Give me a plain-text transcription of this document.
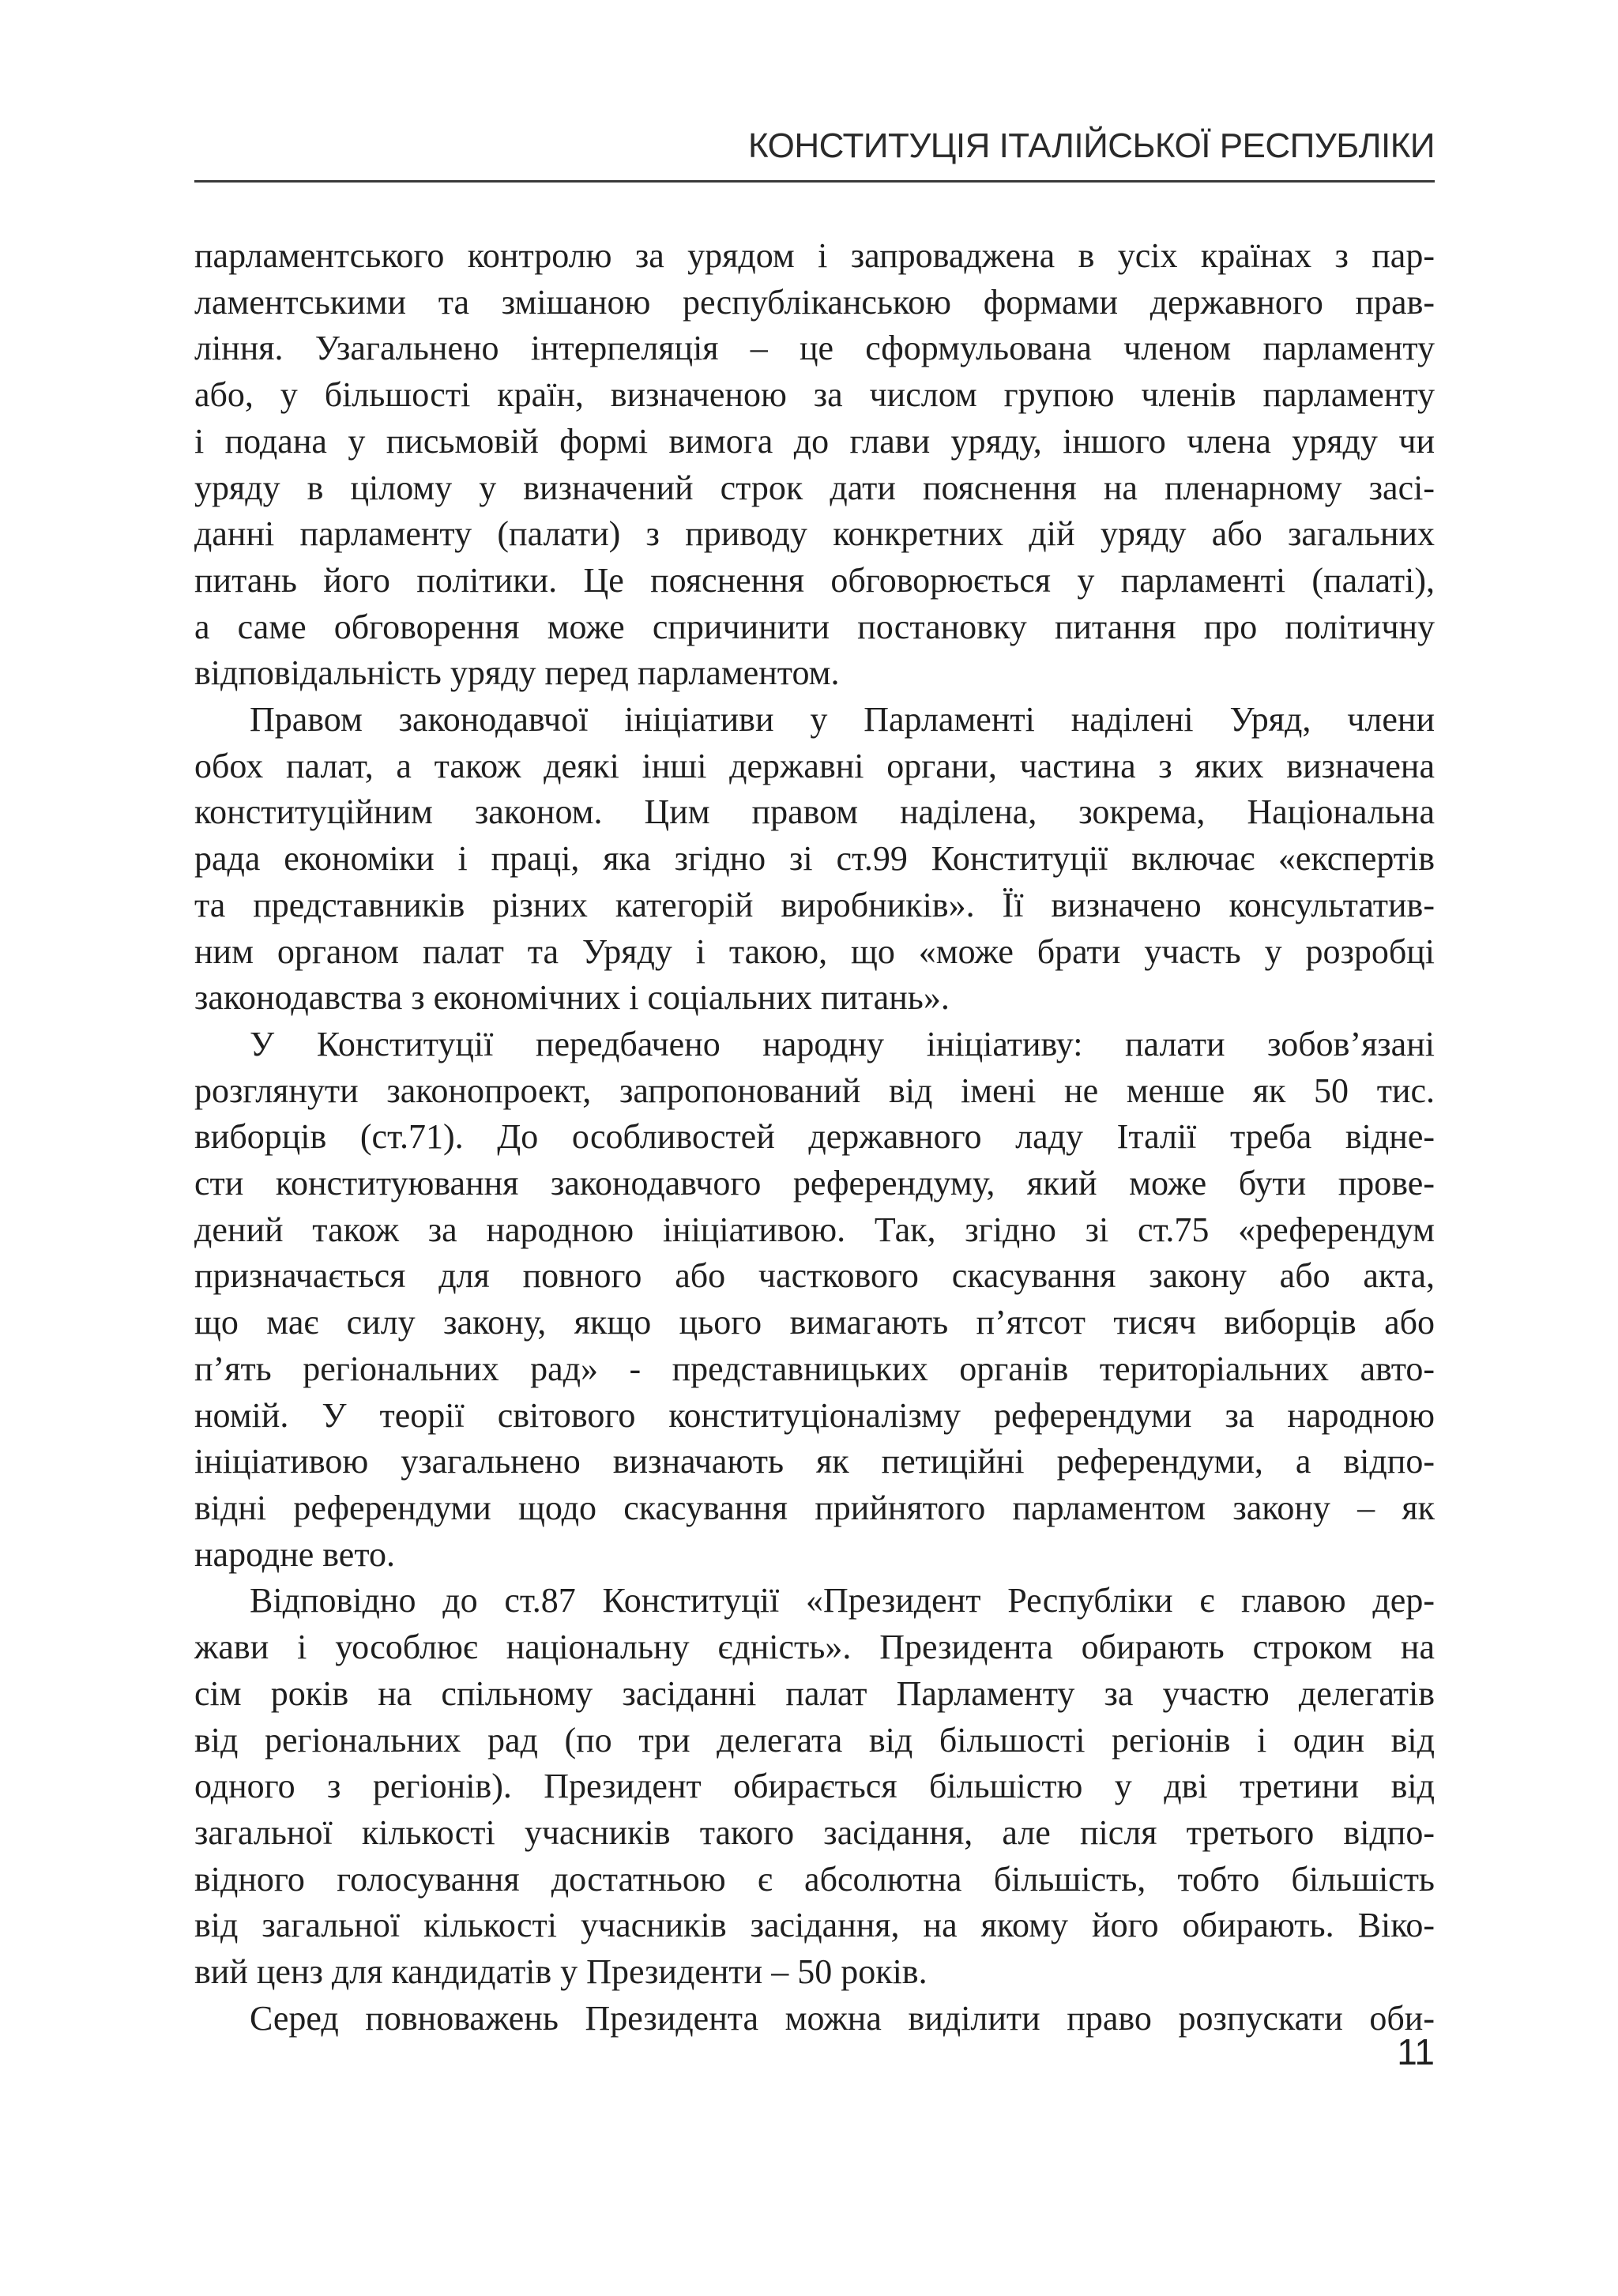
КОНСТИТУЦІЯ ІТАЛІЙСЬКОЇ РЕСПУБЛІКИ

парламентського контролю за урядом і запроваджена в усіх країнах з пар-
ламентськими та змішаною республіканською формами державного прав-
ління. Узагальнено інтерпеляція – це сформульована членом парламенту
або, у більшості країн, визначеною за числом групою членів парламенту
і подана у письмовій формі вимога до глави уряду, іншого члена уряду чи
уряду в цілому у визначений строк дати пояснення на пленарному засі-
данні парламенту (палати) з приводу конкретних дій уряду або загальних
питань його політики. Це пояснення обговорюється у парламенті (палаті),
а саме обговорення може спричинити постановку питання про політичну
відповідальність уряду перед парламентом.

Правом законодавчої ініціативи у Парламенті наділені Уряд, члени
обох палат, а також деякі інші державні органи, частина з яких визначена
конституційним законом. Цим правом наділена, зокрема, Національна
рада економіки і праці, яка згідно зі ст.99 Конституції включає «експертів
та представників різних категорій виробників». Її визначено консультатив-
ним органом палат та Уряду і такою, що «може брати участь у розробці
законодавства з економічних і соціальних питань».

У Конституції передбачено народну ініціативу: палати зобов’язані
розглянути законопроект, запропонований від імені не менше як 50 тис.
виборців (ст.71). До особливостей державного ладу Італії треба відне-
сти конституювання законодавчого референдуму, який може бути прове-
дений також за народною ініціативою. Так, згідно зі ст.75 «референдум
призначається для повного або часткового скасування закону або акта,
що має силу закону, якщо цього вимагають п’ятсот тисяч виборців або
п’ять регіональних рад» - представницьких органів територіальних авто-
номій. У теорії світового конституціоналізму референдуми за народною
ініціативою узагальнено визначають як петиційні референдуми, а відпо-
відні референдуми щодо скасування прийнятого парламентом закону – як
народне вето.

Відповідно до ст.87 Конституції «Президент Республіки є главою дер-
жави і уособлює національну єдність». Президента обирають строком на
сім років на спільному засіданні палат Парламенту за участю делегатів
від регіональних рад (по три делегата від більшості регіонів і один від
одного з регіонів). Президент обирається більшістю у дві третини від
загальної кількості учасників такого засідання, але після третього відпо-
відного голосування достатньою є абсолютна більшість, тобто більшість
від загальної кількості учасників засідання, на якому його обирають. Віко-
вий ценз для кандидатів у Президенти – 50 років.

Серед повноважень Президента можна виділити право розпускати оби-

11
